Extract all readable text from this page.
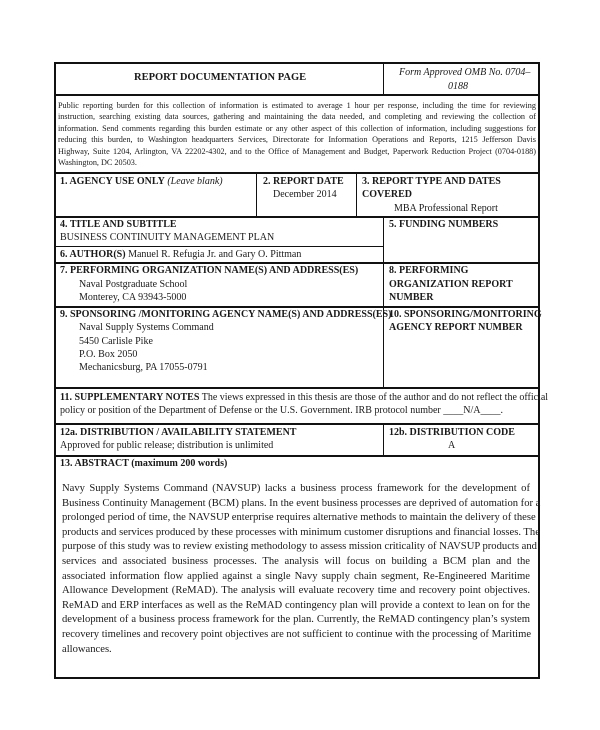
REPORT DOCUMENTATION PAGE	Form Approved OMB No. 0704–
0188
Public reporting burden for this collection of information is estimated to average 1 hour per response, including the time for reviewing
instruction, searching existing data sources, gathering and maintaining the data needed, and completing and reviewing the collection of
information. Send comments regarding this burden estimate or any other aspect of this collection of information, including suggestions for
reducing this burden, to Washington headquarters Services, Directorate for Information Operations and Reports, 1215 Jefferson Davis
Highway, Suite 1204, Arlington, VA 22202-4302, and to the Office of Management and Budget, Paperwork Reduction Project (0704-0188)
Washington, DC 20503.
1. AGENCY USE ONLY (Leave blank)	2. REPORT DATE
December 2014
3. REPORT TYPE AND DATES
COVERED
MBA Professional Report
4. TITLE AND SUBTITLE
BUSINESS CONTINUITY MANAGEMENT PLAN
5. FUNDING NUMBERS
6. AUTHOR(S) Manuel R. Refugia Jr. and Gary O. Pittman
7. PERFORMING ORGANIZATION NAME(S) AND ADDRESS(ES)
Naval Postgraduate School
Monterey, CA 93943-5000
8. PERFORMING
ORGANIZATION REPORT
NUMBER
9. SPONSORING /MONITORING AGENCY NAME(S) AND ADDRESS(ES)
Naval Supply Systems Command
5450 Carlisle Pike
P.O. Box 2050
Mechanicsburg, PA 17055-0791
10. SPONSORING/MONITORING
AGENCY REPORT NUMBER
11. SUPPLEMENTARY NOTES The views expressed in this thesis are those of the author and do not reflect the official
policy or position of the Department of Defense or the U.S. Government. IRB protocol number ____N/A____.
12a. DISTRIBUTION / AVAILABILITY STATEMENT
Approved for public release; distribution is unlimited
12b. DISTRIBUTION CODE
A
13. ABSTRACT (maximum 200 words)
Navy Supply Systems Command (NAVSUP) lacks a business process framework for the development of
Business Continuity Management (BCM) plans. In the event business processes are deprived of automation for a
prolonged period of time, the NAVSUP enterprise requires alternative methods to maintain the delivery of these
products and services produced by these processes with minimum customer disruptions and financial losses. The
purpose of this study was to review existing methodology to assess mission criticality of NAVSUP products and
services and associated business processes. The analysis will focus on building a BCM plan and the
associated information flow applied against a single Navy supply chain segment, Re-Engineered Maritime
Allowance Development (ReMAD). The analysis will evaluate recovery time and recovery point objectives.
ReMAD and ERP interfaces as well as the ReMAD contingency plan will provide a context to lean on for the
development of a business process framework for the plan. Currently, the ReMAD contingency plan’s system
recovery timelines and recovery point objectives are not sufficient to continue with the processing of Maritime
allowances.
